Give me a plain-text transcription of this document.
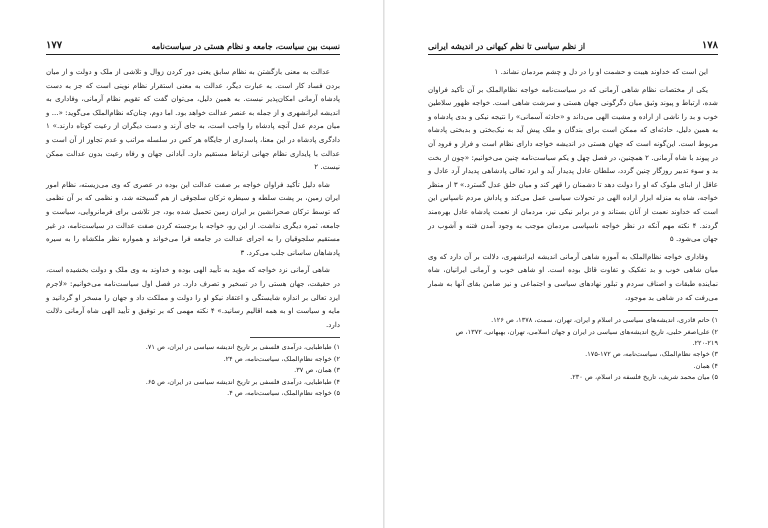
نسبت بین سیاست، جامعه و نظام هستی در سیاست‌نامه
۱۷۷

عدالت به معنی بازگشتن به نظام سابق یعنی دور کردن زوال و تلاشی از ملک و دولت و از میان بردن فساد کار است. به عبارت دیگر، عدالت به معنی استقرار نظام نوینی است که جز به دست پادشاه آرمانی امکان‌پذیر نیست. به همین دلیل، می‌توان گفت که تقویم نظام آرمانی، وفاداری به اندیشه ایرانشهری و از جمله به عنصر عدالت خواهد بود. اما دوم، چنان‌که نظام‌الملک می‌گوید: «... و میان مردم عدل آنچه پادشاه را واجب است، به جای آرند و دست دیگران از رعیت کوتاه دارند.» ۱ دادگری پادشاه در این معنا، پاسداری از جایگاه هر کس در سلسله مراتب و عدم تجاوز از آن است و عدالت با پایداری نظام جهانی ارتباط مستقیم دارد. آبادانی جهان و رفاه رعیت بدون عدالت ممکن نیست. ۲

شاه دلیل تأکید فراوان خواجه بر صفت عدالت این بوده در عصری که وی می‌زیسته، نظام امور ایران زمین، بر پشت سلطه و سیطره ترکان سلجوقی از هم گسیخته شد، و نظمی که بر آن نظمی که توسط ترکان صحرانشین بر ایران زمین تحمیل شده بود، جز تلاشی برای فرمانروایی، سیاست و جامعه، ثمره دیگری نداشت. از این رو، خواجه با برجسته کردن صفت عدالت در سیاست‌نامه، در غیر مستقیم سلجوقیان را به اجرای عدالت در جامعه فرا می‌خواند و همواره نظر ملکشاه را به سیره پادشاهان ساسانی جلب می‌کرد. ۳

شاهی آرمانی نزد خواجه که مؤید به تأیید الهی بوده و خداوند به وی ملک و دولت بخشیده است، در حقیقت، جهان هستی را در تسخیر و تصرف دارد. در فصل اول سیاست‌نامه می‌خوانیم: «لاجرم ایزد تعالی بر اندازه شایستگی و اعتقاد نیکو او را دولت و مملکت داد و جهان را مسخر او گردانید و مایه و سیاست او به همه اقالیم رسانید.» ۴ نکته مهمی که بر توفیق و تأیید الهی شاه آرمانی دلالت دارد.

۱) طباطبایی، درآمدی فلسفی بر تاریخ اندیشه سیاسی در ایران، ص ۷۱.

۲) خواجه نظام‌الملک، سیاست‌نامه، ص ۲۴.

۳) همان، ص ۳۷.

۴) طباطبایی، درآمدی فلسفی بر تاریخ اندیشه سیاسی در ایران، ص ۶۵.

۵) خواجه نظام‌الملک، سیاست‌نامه، ص ۴.

۱۷۸
از نظم سیاسی تا نظم کیهانی در اندیشه ایرانی

این است که خداوند هیبت و حشمت او را در دل و چشم مردمان نشاند. ۱

یکی از مختصات نظام شاهی آرمانی که در سیاست‌نامه خواجه نظام‌الملک بر آن تأکید فراوان شده، ارتباط و پیوند وثیق میان دگرگونی جهان هستی و سرشت شاهی است. خواجه ظهور سلاطین خوب و بد را ناشی از اراده و مشیت الهی می‌داند و «حادثه آسمانی» را نتیجه نیکی و بدی پادشاه و به همین دلیل، حادثه‌ای که ممکن است برای بندگان و ملک پیش آید به نیک‌بختی و بدبختی پادشاه مربوط است. این‌گونه است که جهان هستی در اندیشه خواجه دارای نظام است و فراز و فرود آن در پیوند با شاه آرمانی. ۲ همچنین، در فصل چهل و یکم سیاست‌نامه چنین می‌خوانیم: «چون از بخت بد و سوء تدبیر روزگار چنین گردد، سلطان عادل پدیدار آید و ایزد تعالی پادشاهی پدیدار آرد عادل و عاقل از ابنای ملوک که او را دولت دهد تا دشمنان را قهر کند و میان خلق عدل گسترد.» ۳ از منظر خواجه، شاه به منزله ابزار اراده الهی در تحولات سیاسی عمل می‌کند و پاداش مردم ناسپاس این است که خداوند نعمت از آنان بستاند و در برابر نیکی نیز، مردمان از نعمت پادشاه عادل بهره‌مند گردند. ۴ نکته مهم آنکه در نظر خواجه ناسپاسی مردمان موجب به وجود آمدن فتنه و آشوب در جهان می‌شود. ۵

وفاداری خواجه نظام‌الملک به آموزه شاهی آرمانی اندیشه ایرانشهری، دلالت بر آن دارد که وی میان شاهی خوب و بد تفکیک و تفاوت قائل بوده است. او شاهی خوب و آرمانی ایرانیان، شاه نماینده طبقات و اصناف سردم و تبلور نهادهای سیاسی و اجتماعی و نیز ضامن بقای آنها به شمار می‌رفت که در شاهی بد موجود،

۱) حاتم قادری، اندیشه‌های سیاسی در اسلام و ایران، تهران، سمت، ۱۳۷۸، ص ۱۲۶.

۲) علی‌اصغر حلبی، تاریخ اندیشه‌های سیاسی در ایران و جهان اسلامی، تهران، بهبهانی، ۱۳۷۲، ص ۲۱۹-۲۲۰.

۳) خواجه نظام‌الملک، سیاست‌نامه، ص ۱۷۲-۱۷۵.

۴) همان.

۵) میان محمد شریف، تاریخ فلسفه در اسلام، ص ۲۳۰.
